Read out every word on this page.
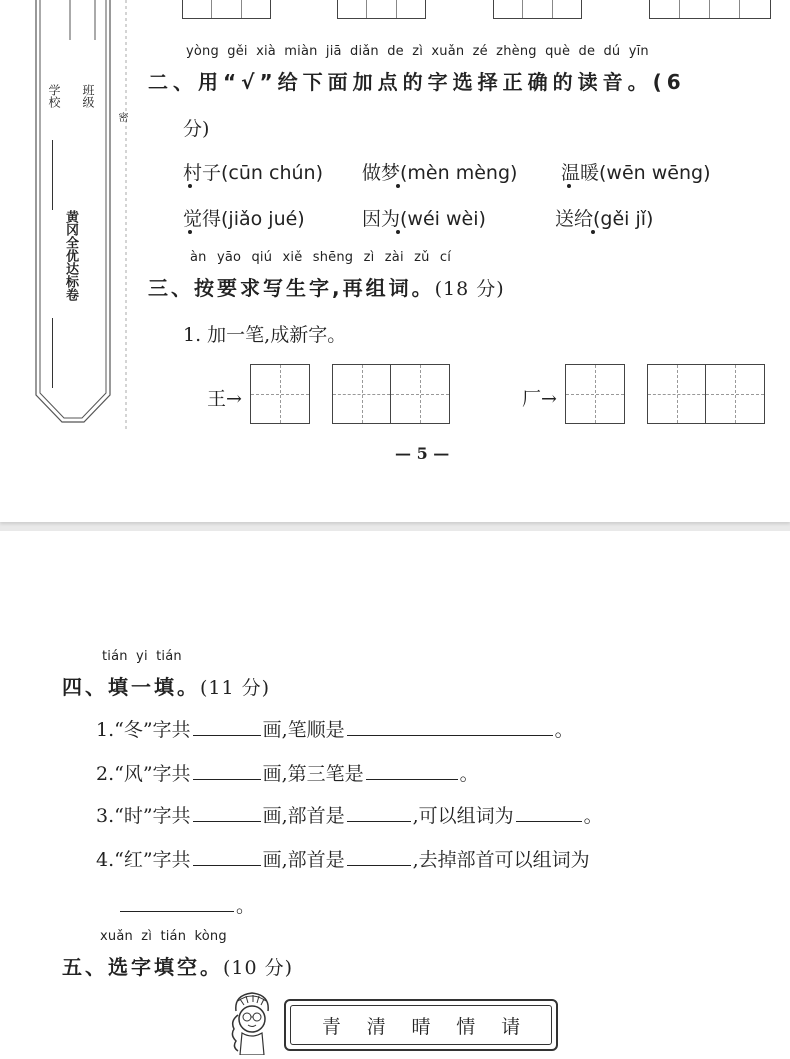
学校 班级
密
黄冈全优达标卷
yòng gěi xià miàn jiā diǎn de zì xuǎn zé zhèng què de dú yīn
二、用“√”给下面加点的字选择正确的读音。(6
分)
村子(cūn chún) 做梦(mèn mèng) 温暖(wēn wēng)
觉得(jiǎo jué)	因为(wéi wèi)	送给(gěi jǐ)
àn yāo qiú xiě shēng zì zài zǔ cí
三、按要求写生字,再组词。(18 分)
1. 加一笔,成新字。
王→	厂→
— 5 —
tián yi tián
四、填一填。(11 分)
1.“冬”字共	画,笔顺是	。
2.“风”字共	画,第三笔是	。
3.“时”字共	画,部首是	,可以组词为	。
4.“红”字共	画,部首是	,去掉部首可以组词为
。
xuǎn zì tián kòng
五、选字填空。(10 分)
青 清 晴 情 请
